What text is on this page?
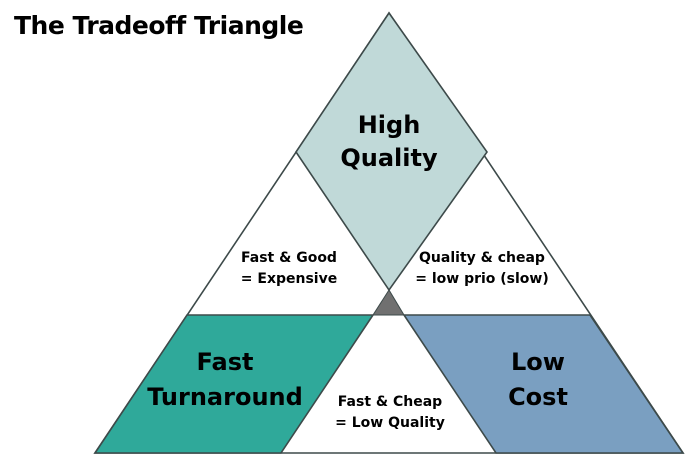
The Tradeoff Triangle
High
Quality
Fast
Turnaround
Low
Cost
Fast & Good
= Expensive
Quality & cheap
= low prio (slow)
Fast & Cheap
= Low Quality
